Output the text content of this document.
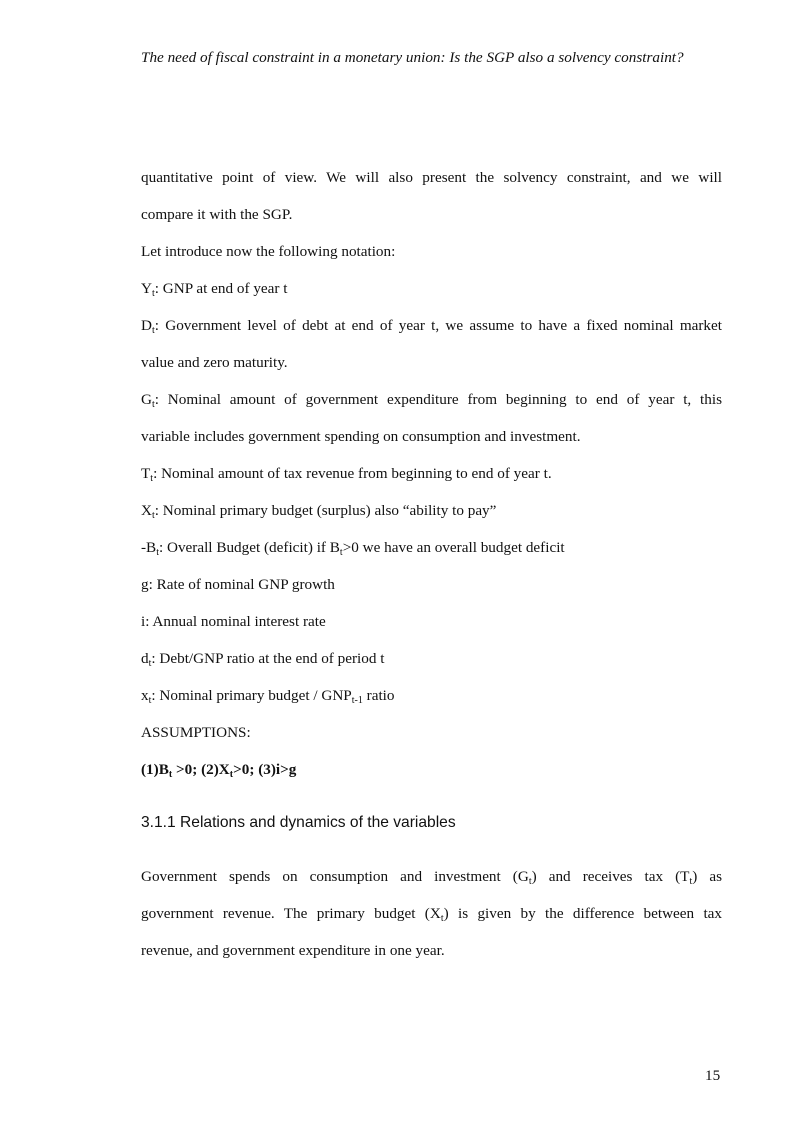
The need of fiscal constraint in a monetary union: Is the SGP also a solvency constraint?
quantitative point of view. We will also present the solvency constraint, and we will
compare it with the SGP.
Let introduce now the following notation:
$Y_t$: GNP at end of year t
$D_t$: Government level of debt at end of year t, we assume to have a fixed nominal market
value and zero maturity.
$G_t$: Nominal amount of government expenditure from beginning to end of year t, this
variable includes government spending on consumption and investment.
$T_t$: Nominal amount of tax revenue from beginning to end of year t.
$X_t$: Nominal primary budget (surplus) also “ability to pay”
$-B_t$: Overall Budget (deficit) if $B_t>0$ we have an overall budget deficit
g: Rate of nominal GNP growth
i: Annual nominal interest rate
$d_t$: Debt/GNP ratio at the end of period t
$x_t$: Nominal primary budget / $GNP_{t-1}$ ratio
ASSUMPTIONS:
$(1)B_t >0$; $(2)X_t>0$; (3)i>g
3.1.1 Relations and dynamics of the variables
Government spends on consumption and investment $(G_t)$ and receives tax $(T_t)$ as
government revenue. The primary budget $(X_t)$ is given by the difference between tax
revenue, and government expenditure in one year.
15
